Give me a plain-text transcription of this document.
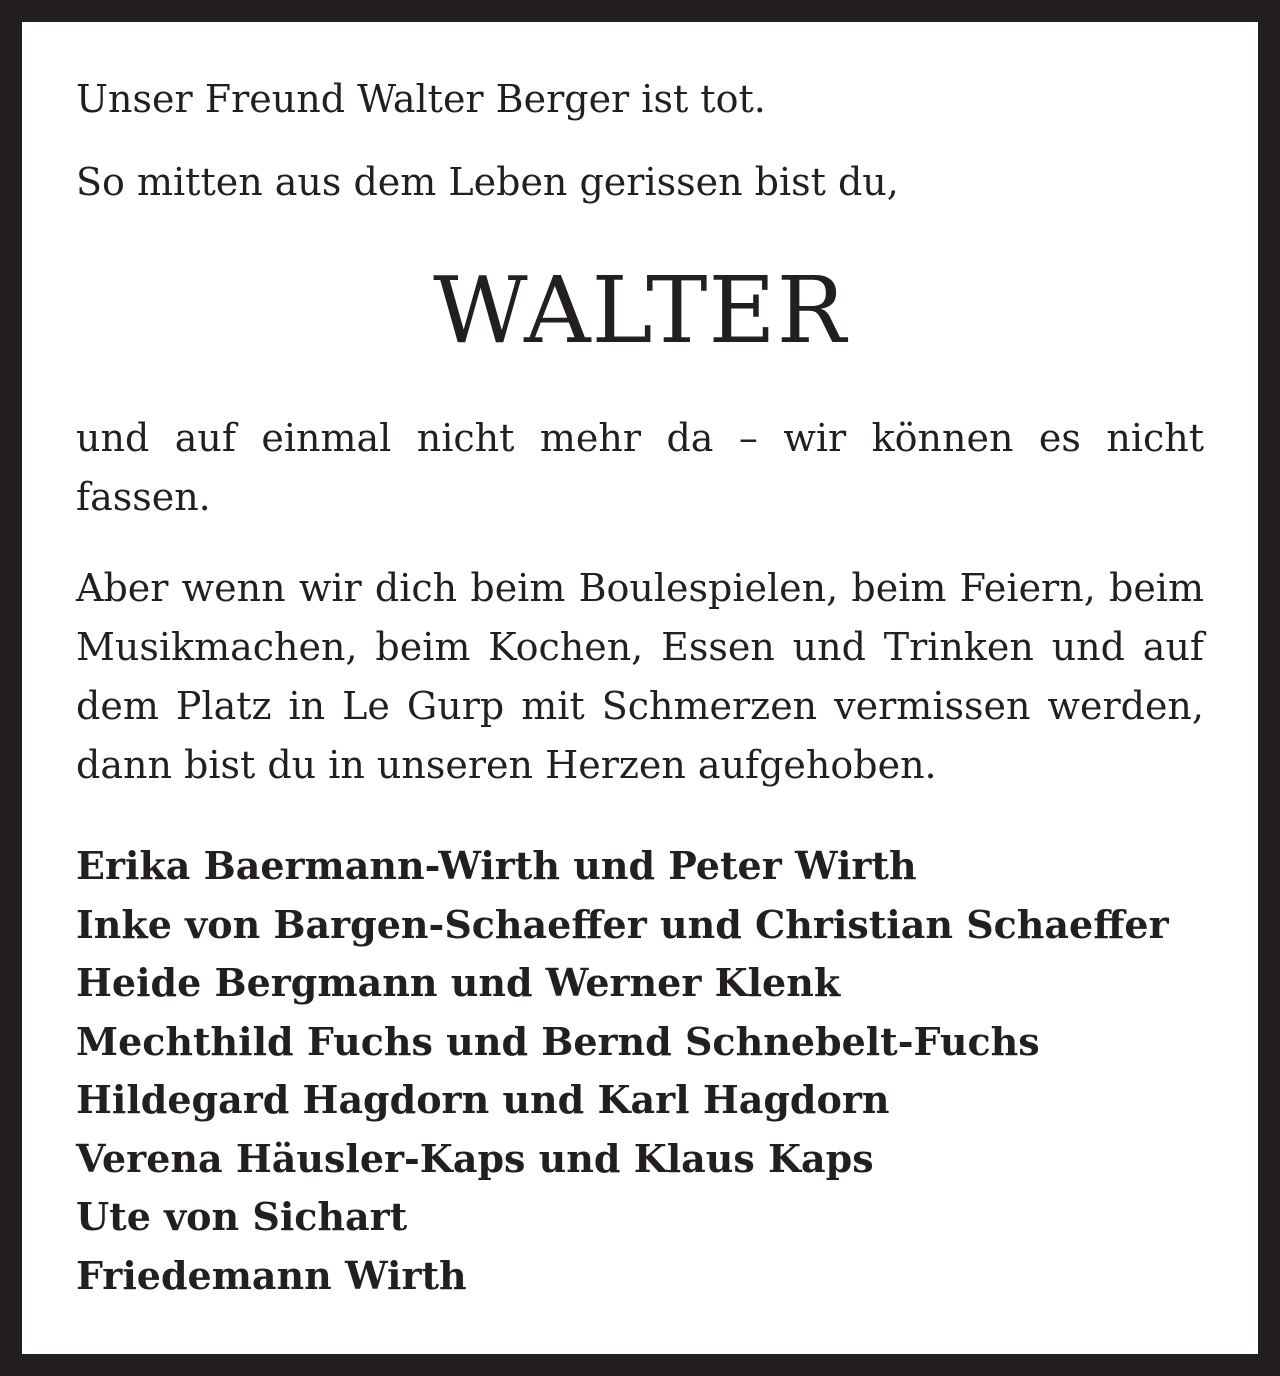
Unser Freund Walter Berger ist tot.
So mitten aus dem Leben gerissen bist du,
WALTER

und auf einmal nicht mehr da – wir können es nicht fassen.

Aber wenn wir dich beim Boulespielen, beim Feiern, beim Musikmachen, beim Kochen, Essen und Trinken und auf dem Platz in Le Gurp mit Schmerzen vermissen werden, dann bist du in unseren Herzen aufgehoben.

Erika Baermann-Wirth und Peter Wirth
Inke von Bargen-Schaeffer und Christian Schaeffer
Heide Bergmann und Werner Klenk
Mechthild Fuchs und Bernd Schnebelt-Fuchs
Hildegard Hagdorn und Karl Hagdorn
Verena Häusler-Kaps und Klaus Kaps
Ute von Sichart
Friedemann Wirth
